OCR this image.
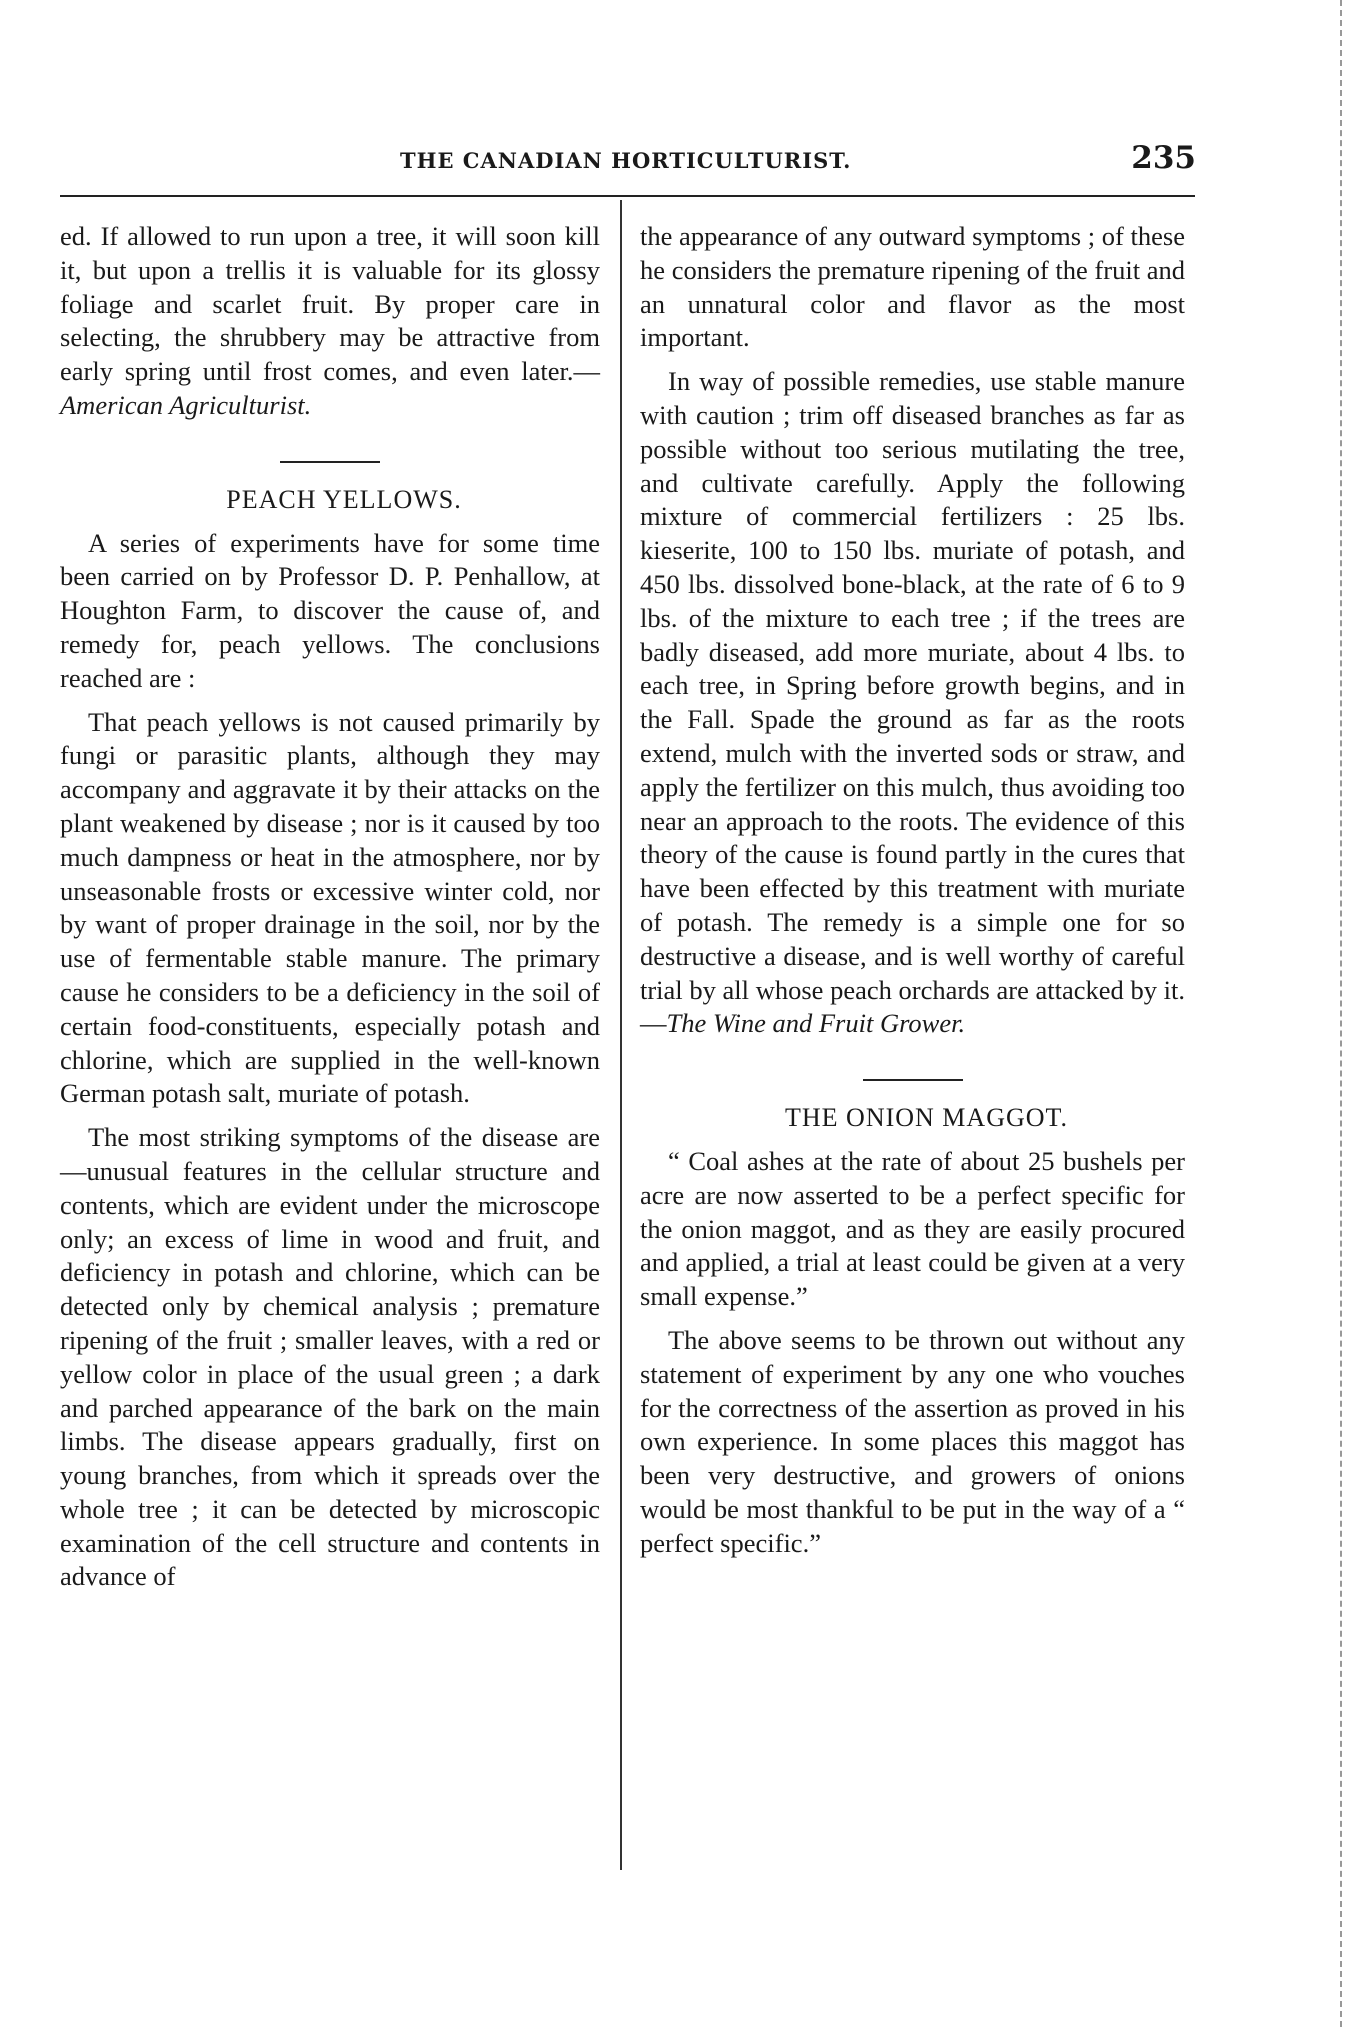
THE CANADIAN HORTICULTURIST.	235

ed. If allowed to run upon a tree, it will soon kill it, but upon a trellis it is valuable for its glossy foliage and scarlet fruit. By proper care in selecting, the shrubbery may be attractive from early spring until frost comes, and even later.—American Agriculturist.

PEACH YELLOWS.

A series of experiments have for some time been carried on by Professor D. P. Penhallow, at Houghton Farm, to discover the cause of, and remedy for, peach yellows. The conclusions reached are :

That peach yellows is not caused primarily by fungi or parasitic plants, although they may accompany and aggravate it by their attacks on the plant weakened by disease ; nor is it caused by too much dampness or heat in the atmosphere, nor by unseasonable frosts or excessive winter cold, nor by want of proper drainage in the soil, nor by the use of fermentable stable manure. The primary cause he considers to be a deficiency in the soil of certain food-constituents, especially potash and chlorine, which are supplied in the well-known German potash salt, muriate of potash.

The most striking symptoms of the disease are—unusual features in the cellular structure and contents, which are evident under the microscope only; an excess of lime in wood and fruit, and deficiency in potash and chlorine, which can be detected only by chemical analysis ; premature ripening of the fruit ; smaller leaves, with a red or yellow color in place of the usual green ; a dark and parched appearance of the bark on the main limbs. The disease appears gradually, first on young branches, from which it spreads over the whole tree ; it can be detected by microscopic examination of the cell structure and contents in advance of

the appearance of any outward symptoms ; of these he considers the premature ripening of the fruit and an unnatural color and flavor as the most important.

In way of possible remedies, use stable manure with caution ; trim off diseased branches as far as possible without too serious mutilating the tree, and cultivate carefully. Apply the following mixture of commercial fertilizers : 25 lbs. kieserite, 100 to 150 lbs. muriate of potash, and 450 lbs. dissolved bone-black, at the rate of 6 to 9 lbs. of the mixture to each tree ; if the trees are badly diseased, add more muriate, about 4 lbs. to each tree, in Spring before growth begins, and in the Fall. Spade the ground as far as the roots extend, mulch with the inverted sods or straw, and apply the fertilizer on this mulch, thus avoiding too near an approach to the roots. The evidence of this theory of the cause is found partly in the cures that have been effected by this treatment with muriate of potash. The remedy is a simple one for so destructive a disease, and is well worthy of careful trial by all whose peach orchards are attacked by it.—The Wine and Fruit Grower.

THE ONION MAGGOT.

“ Coal ashes at the rate of about 25 bushels per acre are now asserted to be a perfect specific for the onion maggot, and as they are easily procured and applied, a trial at least could be given at a very small expense.”

The above seems to be thrown out without any statement of experiment by any one who vouches for the correctness of the assertion as proved in his own experience. In some places this maggot has been very destructive, and growers of onions would be most thankful to be put in the way of a “ perfect specific.”
